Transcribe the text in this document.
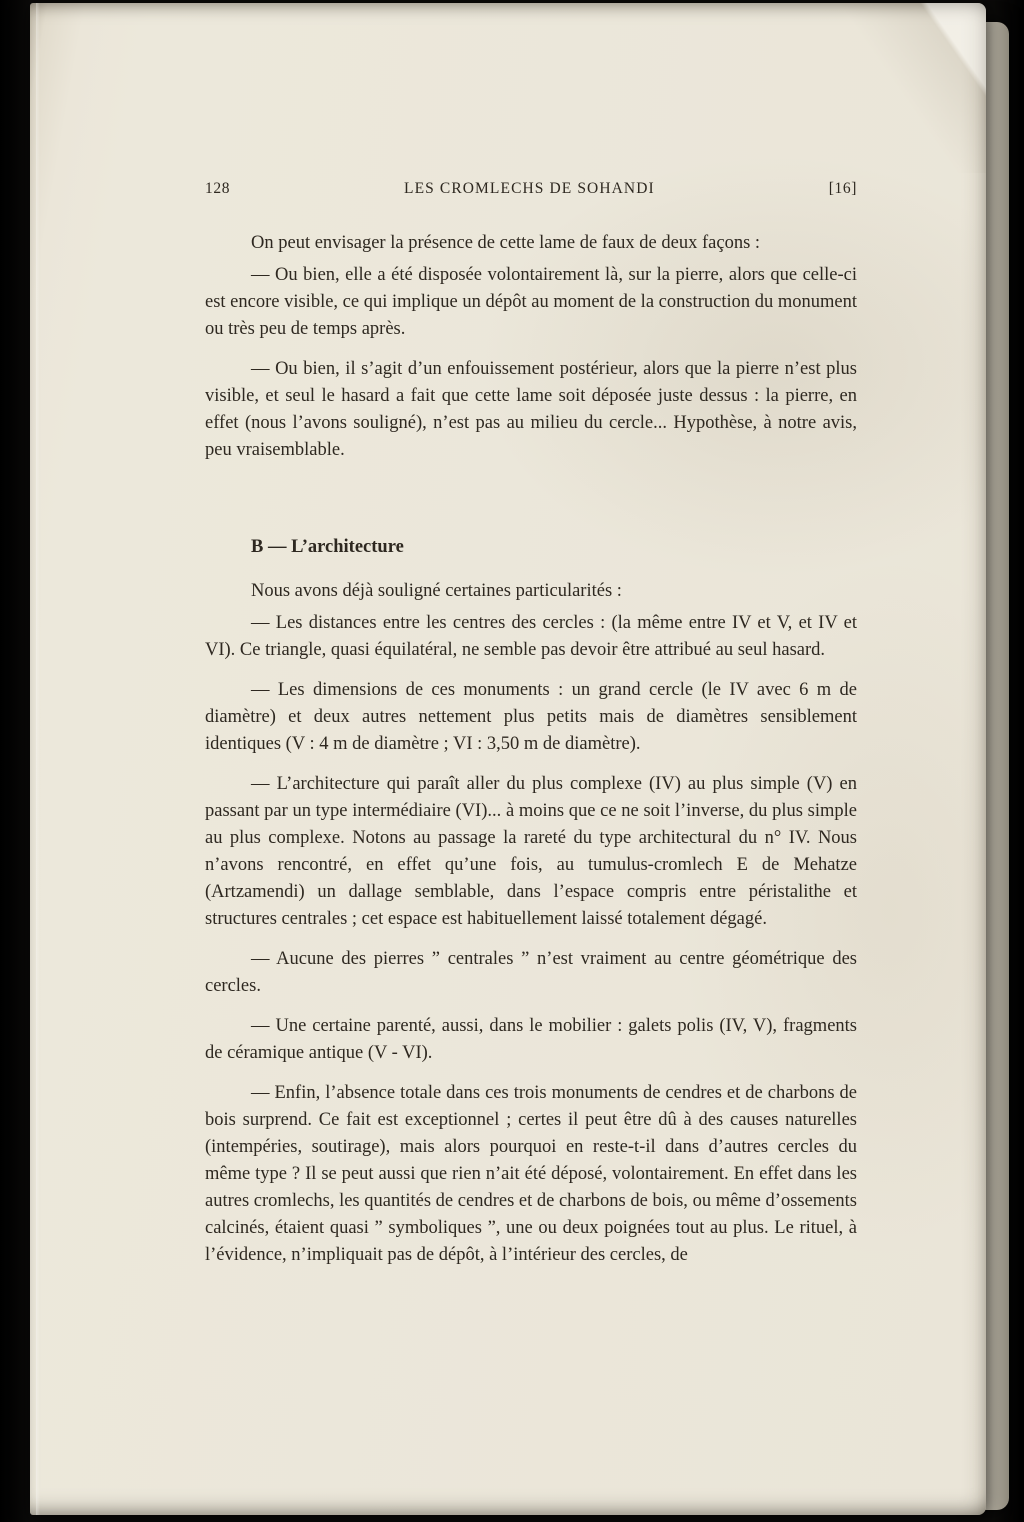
128	LES CROMLECHS DE SOHANDI	[16]

On peut envisager la présence de cette lame de faux de deux façons :

— Ou bien, elle a été disposée volontairement là, sur la pierre, alors que celle-ci est encore visible, ce qui implique un dépôt au moment de la construction du monument ou très peu de temps après.

— Ou bien, il s’agit d’un enfouissement postérieur, alors que la pierre n’est plus visible, et seul le hasard a fait que cette lame soit déposée juste dessus : la pierre, en effet (nous l’avons souligné), n’est pas au milieu du cercle... Hypothèse, à notre avis, peu vraisemblable.

B — L’architecture

Nous avons déjà souligné certaines particularités :

— Les distances entre les centres des cercles : (la même entre IV et V, et IV et VI). Ce triangle, quasi équilatéral, ne semble pas devoir être attribué au seul hasard.

— Les dimensions de ces monuments : un grand cercle (le IV avec 6 m de diamètre) et deux autres nettement plus petits mais de diamètres sensiblement identiques (V : 4 m de diamètre ; VI : 3,50 m de diamètre).

— L’architecture qui paraît aller du plus complexe (IV) au plus simple (V) en passant par un type intermédiaire (VI)... à moins que ce ne soit l’inverse, du plus simple au plus complexe. Notons au passage la rareté du type architectural du n° IV. Nous n’avons rencontré, en effet qu’une fois, au tumulus-cromlech E de Mehatze (Artzamendi) un dallage semblable, dans l’espace compris entre péristalithe et structures centrales ; cet espace est habituellement laissé totalement dégagé.

— Aucune des pierres ” centrales ” n’est vraiment au centre géométrique des cercles.

— Une certaine parenté, aussi, dans le mobilier : galets polis (IV, V), fragments de céramique antique (V - VI).

— Enfin, l’absence totale dans ces trois monuments de cendres et de charbons de bois surprend. Ce fait est exceptionnel ; certes il peut être dû à des causes naturelles (intempéries, soutirage), mais alors pourquoi en reste-t-il dans d’autres cercles du même type ? Il se peut aussi que rien n’ait été déposé, volontairement. En effet dans les autres cromlechs, les quantités de cendres et de charbons de bois, ou même d’ossements calcinés, étaient quasi ” symboliques ”, une ou deux poignées tout au plus. Le rituel, à l’évidence, n’impliquait pas de dépôt, à l’intérieur des cercles, de
